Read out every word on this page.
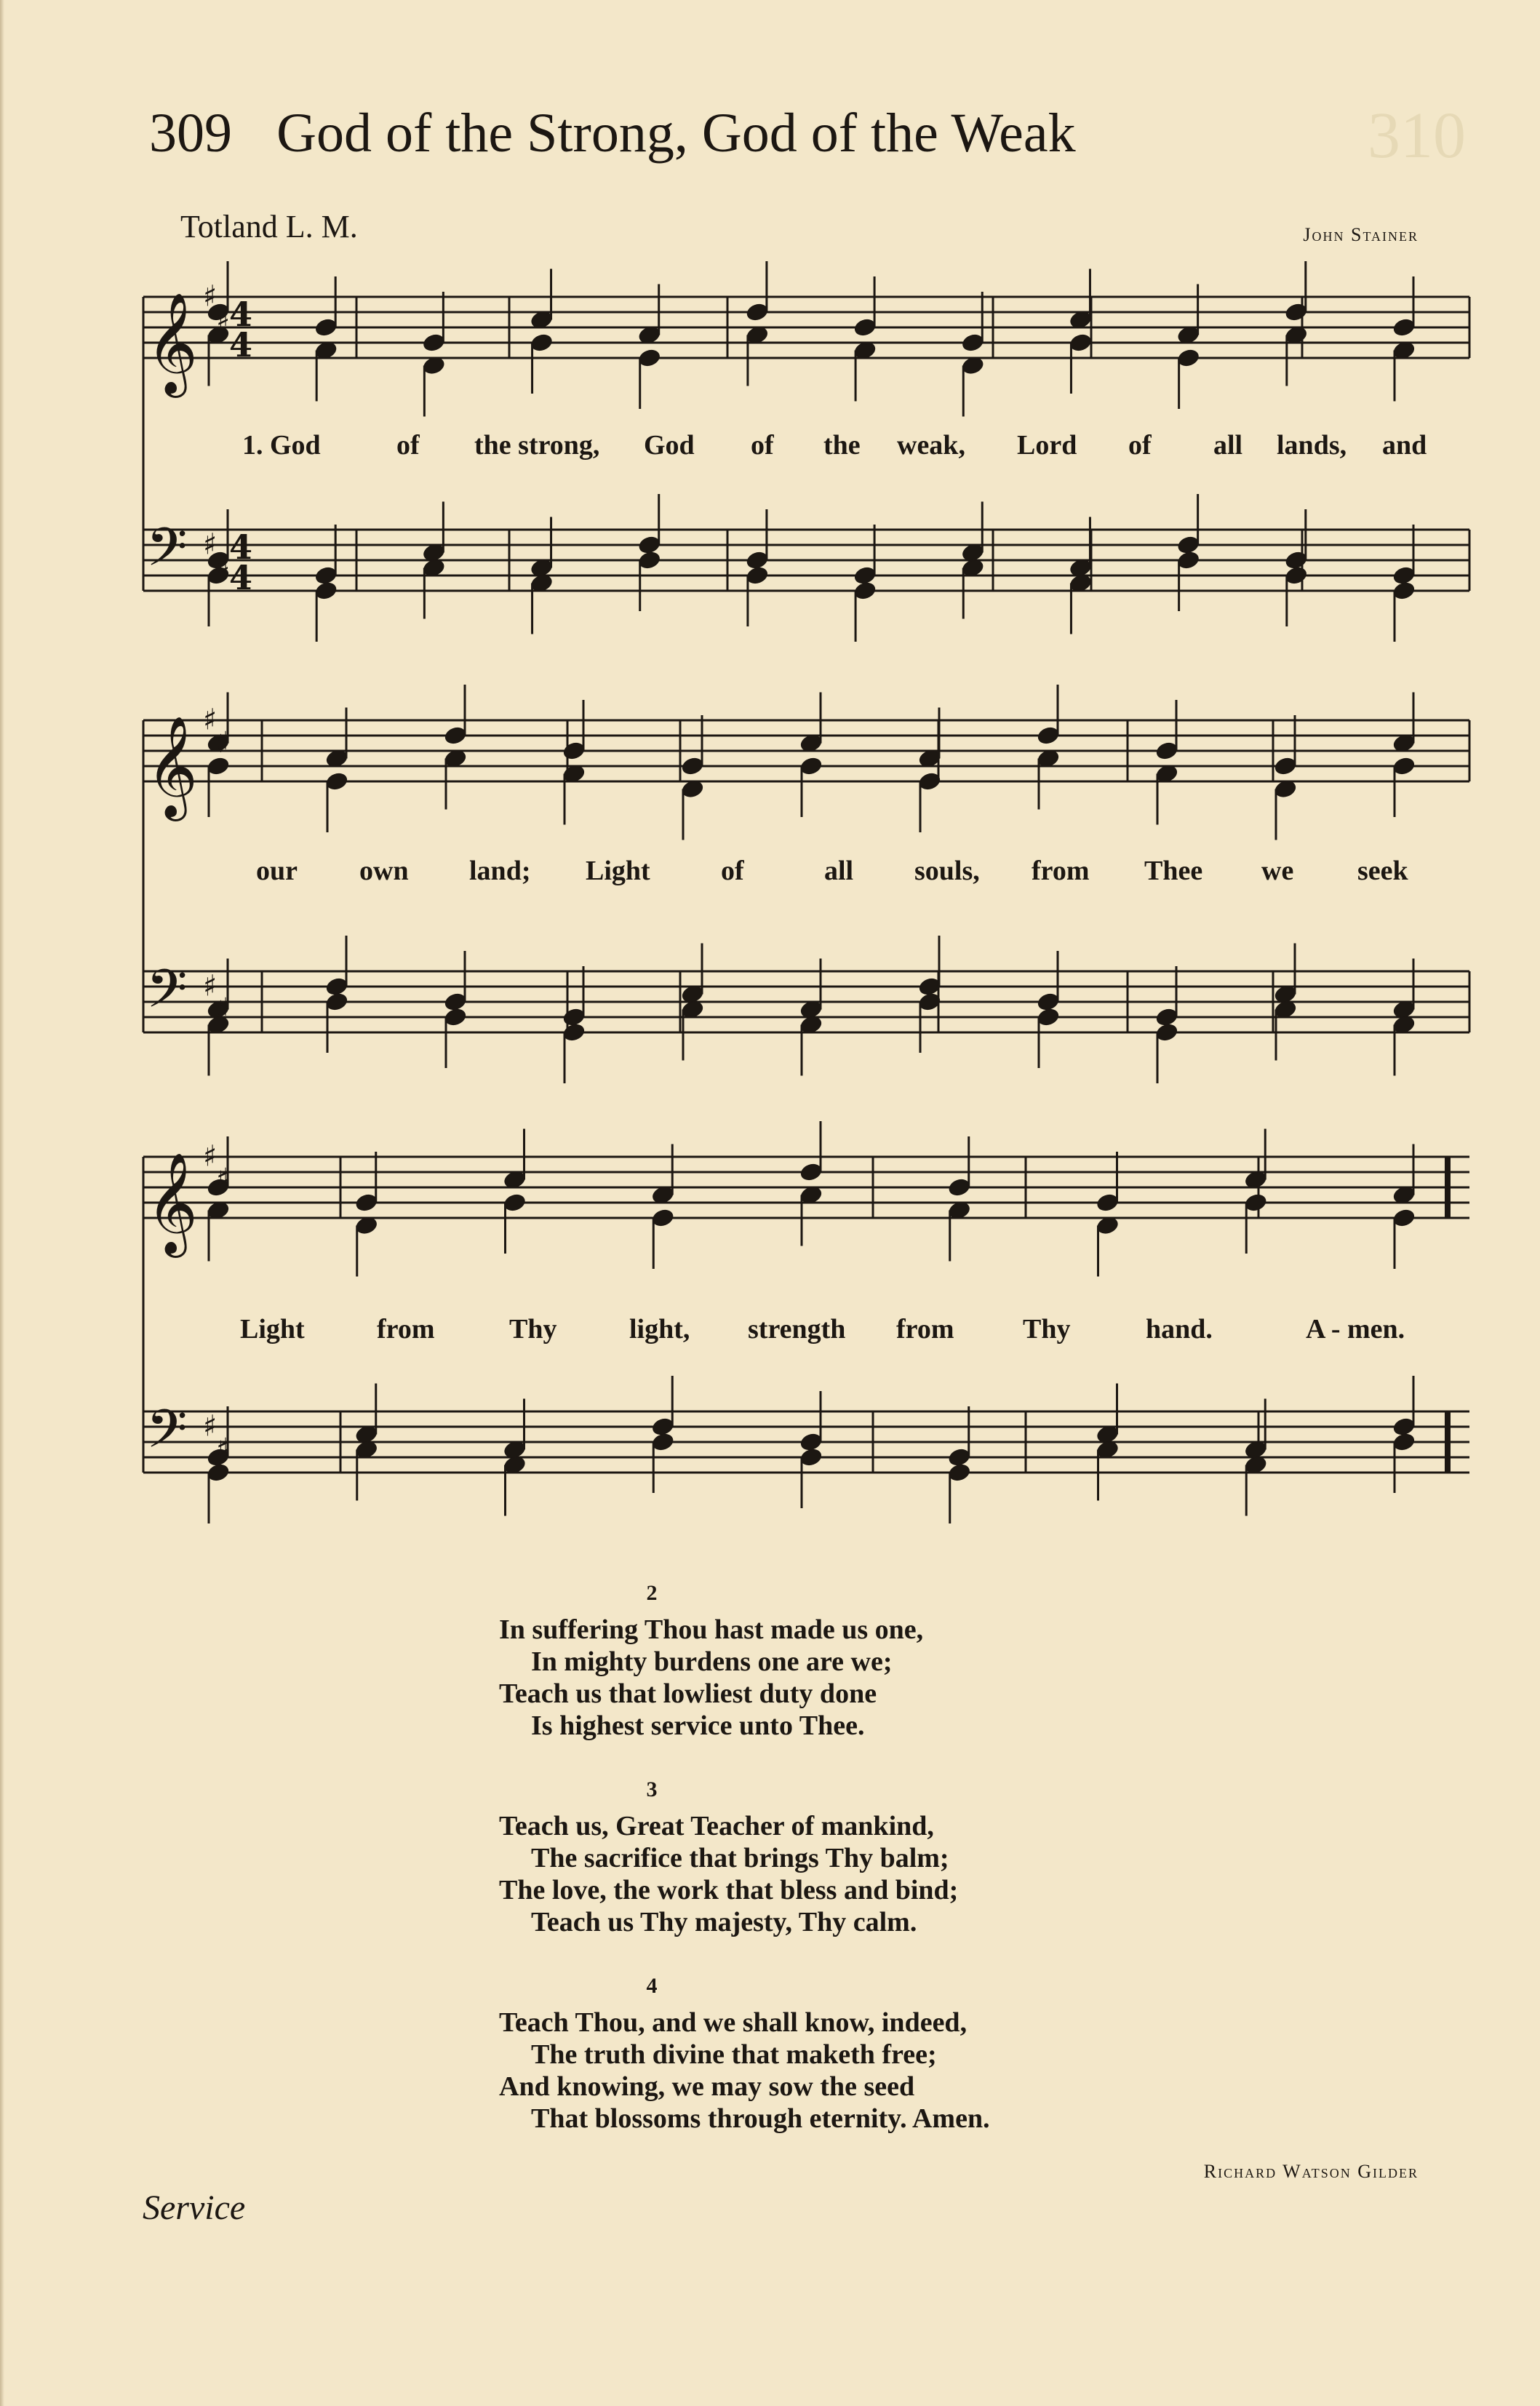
310
309 God of the Strong, God of the Weak
Totland L. M.	John Stainer
𝄞 4
4
♯
♯
𝄢 4
4
♯
♯
𝄞 ♯
♯
𝄢 ♯
♯
𝄞 ♯
♯
𝄢 ♯
♯
1. God	of the strong, God of the weak, Lord of all lands, and
our own land; Light	of	all souls, from Thee we seek
Light	from	Thy	light, strength from Thy	hand.	A - men.
2
In suffering Thou hast made us one,
In mighty burdens one are we;
Teach us that lowliest duty done
Is highest service unto Thee.
3
Teach us, Great Teacher of mankind,
The sacrifice that brings Thy balm;
The love, the work that bless and bind;
Teach us Thy majesty, Thy calm.
4
Teach Thou, and we shall know, indeed,
The truth divine that maketh free;
And knowing, we may sow the seed
That blossoms through eternity. Amen.
Richard Watson Gilder
Service
